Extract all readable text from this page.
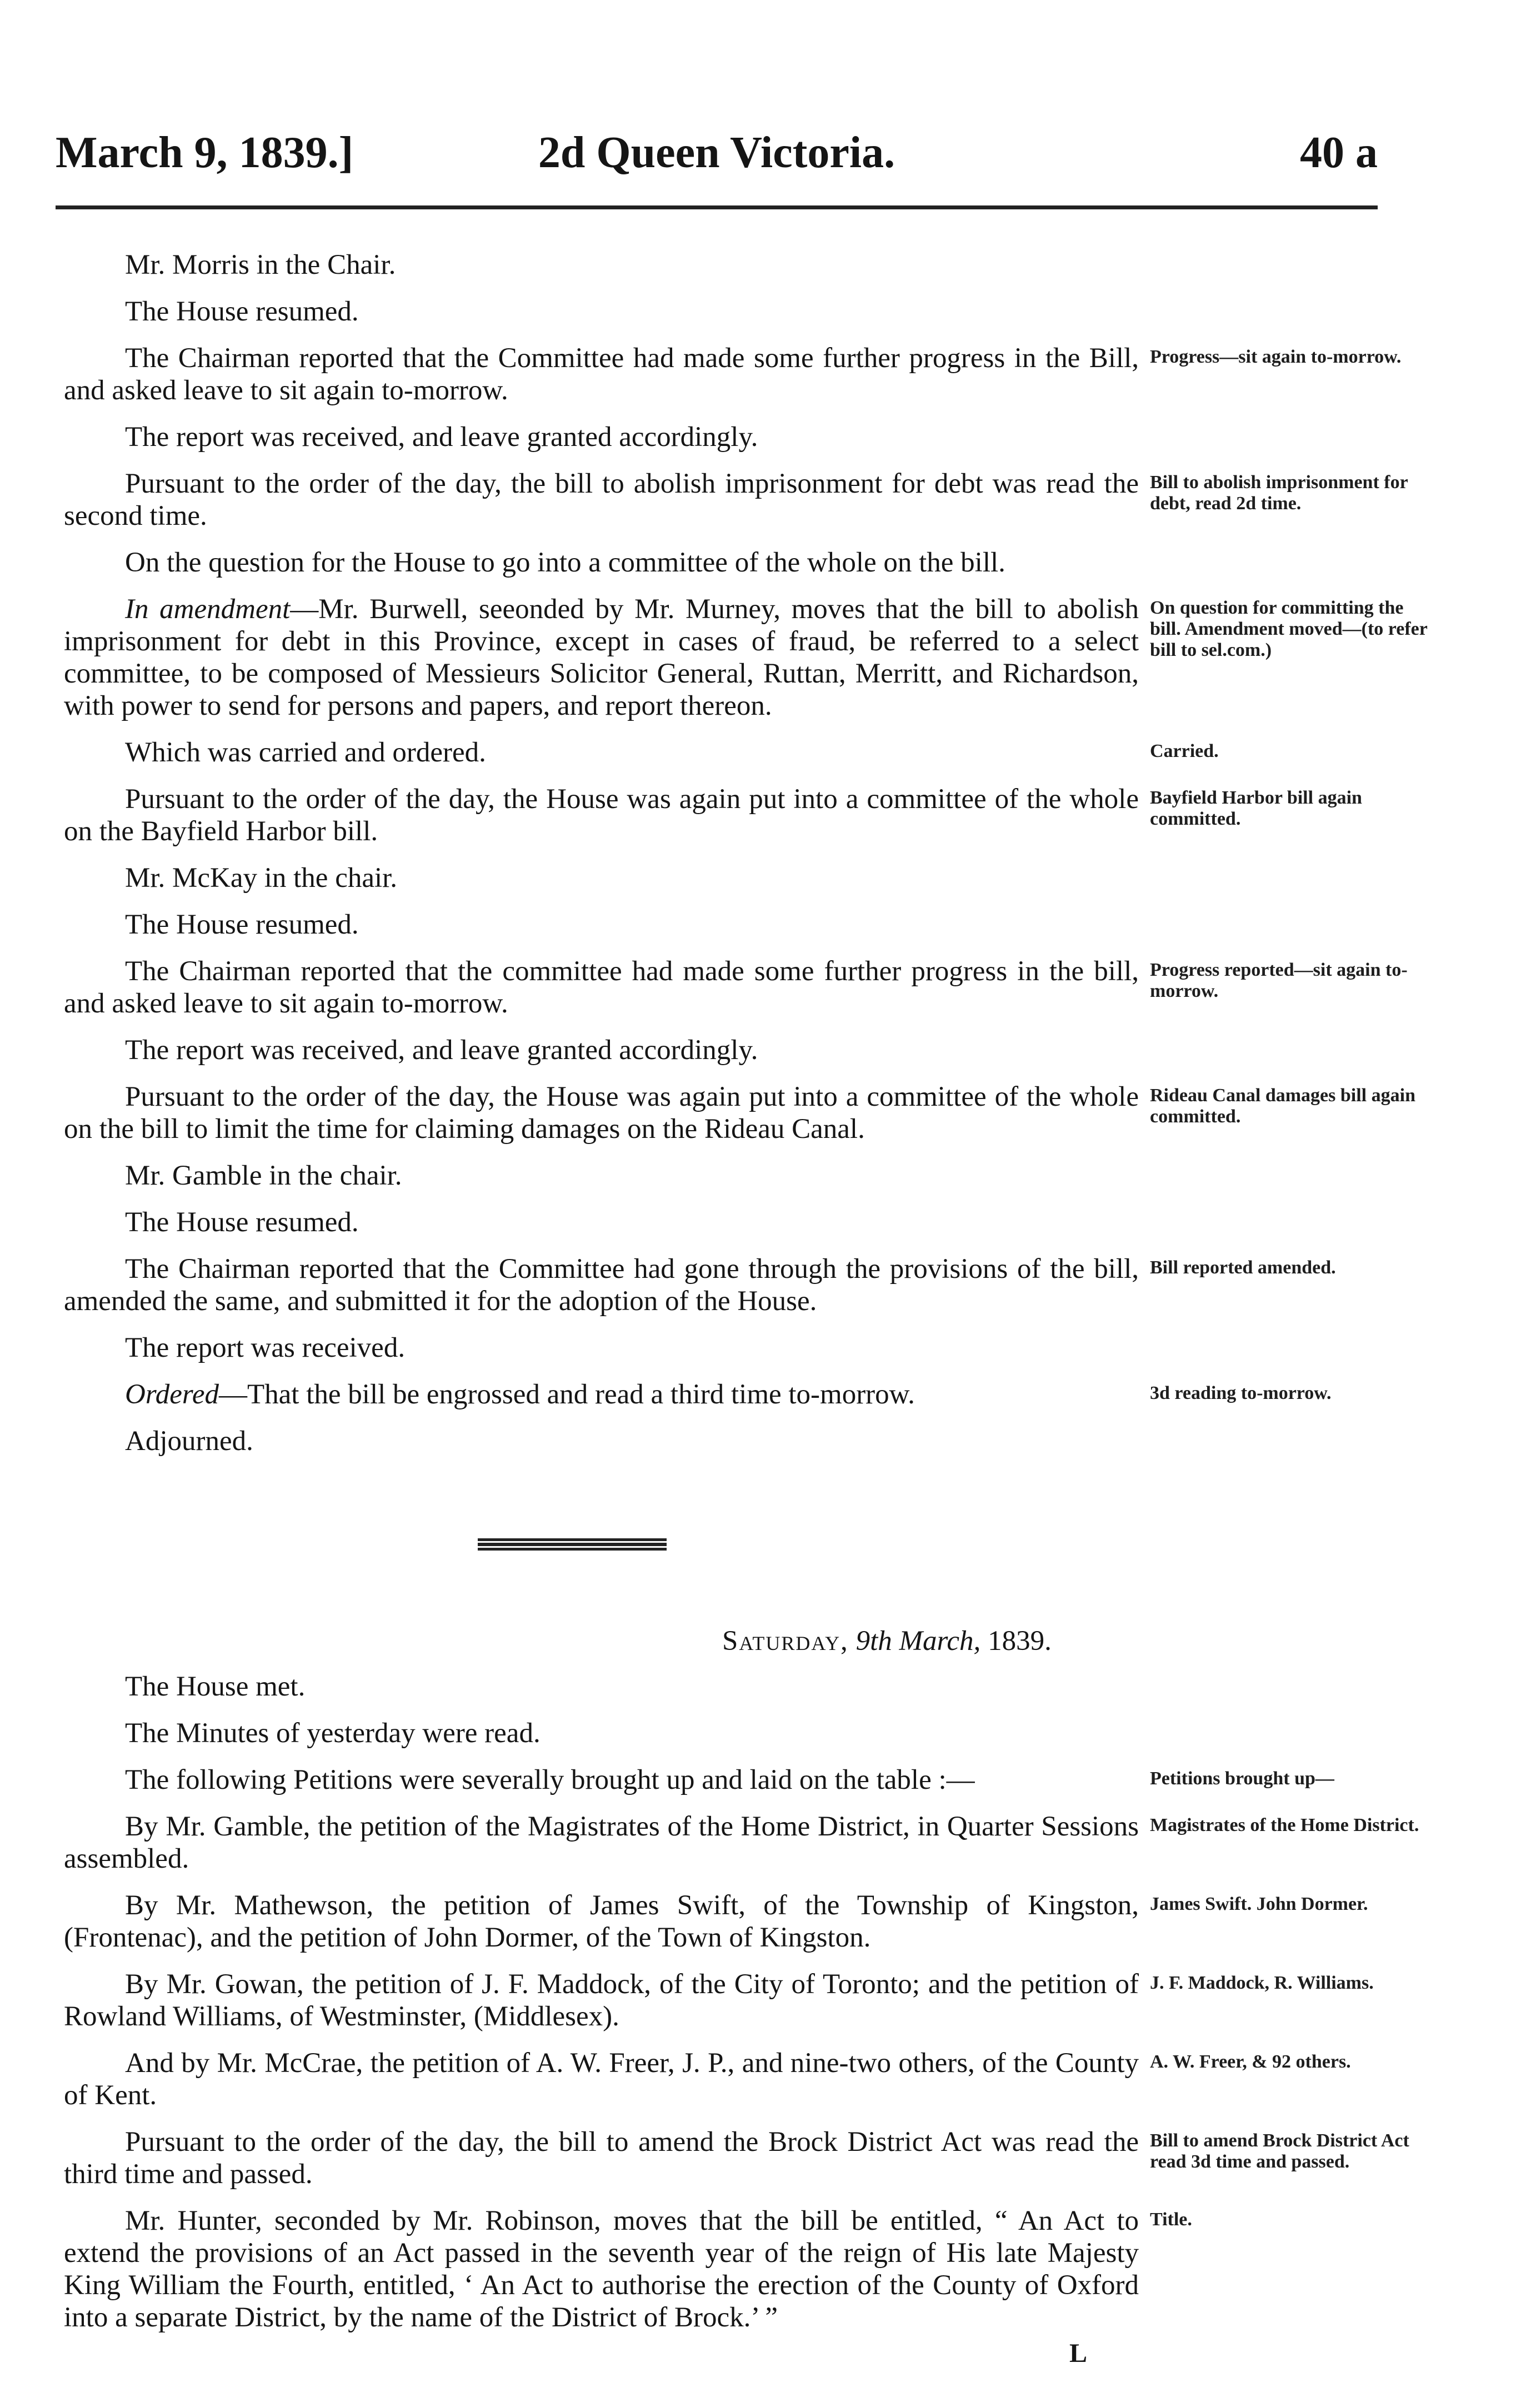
March 9, 1839.]	2d Queen Victoria.	40 a
Mr. Morris in the Chair.
The House resumed.
The Chairman reported that the Committee had made some further progress in the Bill, and asked leave to sit again to-morrow.
Progress—sit again to-morrow.
The report was received, and leave granted accordingly.
Pursuant to the order of the day, the bill to abolish imprisonment for debt was read the second time.
Bill to abolish imprisonment for debt, read 2d time.
On the question for the House to go into a committee of the whole on the bill.
In amendment—Mr. Burwell, seeonded by Mr. Murney, moves that the bill to abolish imprisonment for debt in this Province, except in cases of fraud, be referred to a select committee, to be composed of Messieurs Solicitor General, Ruttan, Merritt, and Richardson, with power to send for persons and papers, and report thereon.
On question for committing the bill. Amendment moved—(to refer bill to sel.com.)
Which was carried and ordered.	Carried.
Pursuant to the order of the day, the House was again put into a committee of the whole on the Bayfield Harbor bill.
Bayfield Harbor bill again committed.
Mr. McKay in the chair.
The House resumed.
The Chairman reported that the committee had made some further progress in the bill, and asked leave to sit again to-morrow.
Progress reported—sit again to-morrow.
The report was received, and leave granted accordingly.
Pursuant to the order of the day, the House was again put into a committee of the whole on the bill to limit the time for claiming damages on the Rideau Canal.
Rideau Canal damages bill again committed.
Mr. Gamble in the chair.
The House resumed.
The Chairman reported that the Committee had gone through the provisions of the bill, amended the same, and submitted it for the adoption of the House.
Bill reported amended.
The report was received.
Ordered—That the bill be engrossed and read a third time to-morrow.	3d reading to-morrow.
Adjourned.
Saturday, 9th March, 1839.
The House met.
The Minutes of yesterday were read.
The following Petitions were severally brought up and laid on the table :—	Petitions brought up—
By Mr. Gamble, the petition of the Magistrates of the Home District, in Quarter Sessions assembled.
Magistrates of the Home District.
By Mr. Mathewson, the petition of James Swift, of the Township of Kingston, (Frontenac), and the petition of John Dormer, of the Town of Kingston.
James Swift. John Dormer.
By Mr. Gowan, the petition of J. F. Maddock, of the City of Toronto; and the petition of Rowland Williams, of Westminster, (Middlesex).
J. F. Maddock, R. Williams.
And by Mr. McCrae, the petition of A. W. Freer, J. P., and nine-two others, of the County of Kent.
A. W. Freer, & 92 others.
Pursuant to the order of the day, the bill to amend the Brock District Act was read the third time and passed.
Bill to amend Brock District Act read 3d time and passed.
Mr. Hunter, seconded by Mr. Robinson, moves that the bill be entitled, “ An Act to extend the provisions of an Act passed in the seventh year of the reign of His late Majesty King William the Fourth, entitled, ‘ An Act to authorise the erection of the County of Oxford into a separate District, by the name of the District of Brock.’ ”
Title.
L
